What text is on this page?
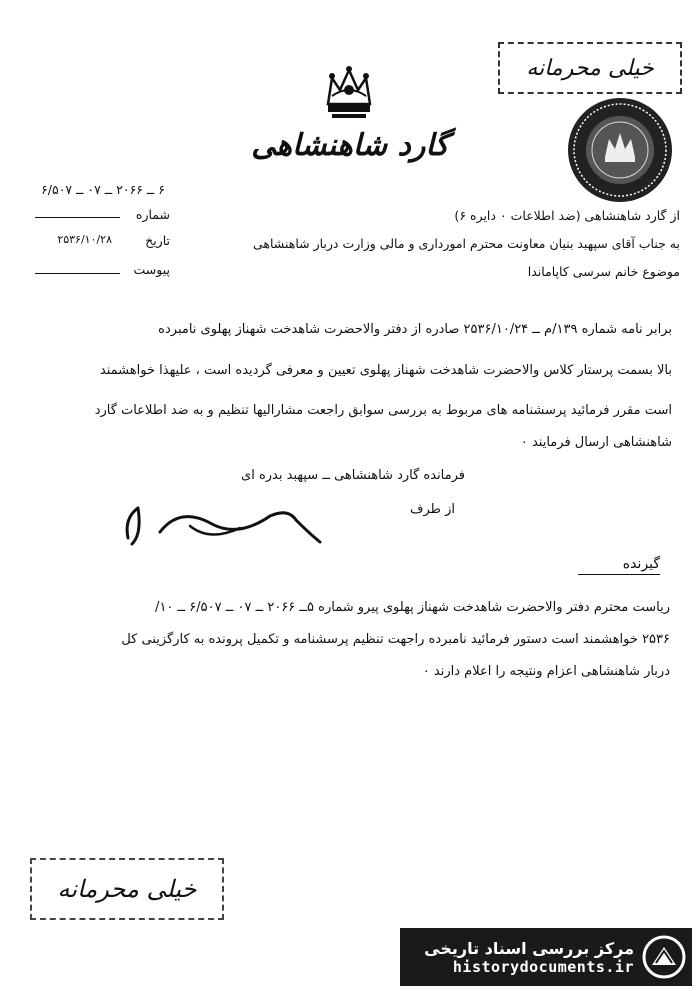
گارد شاهنشاهی
خیلی محرمانه
۶ ــ ۲۰۶۶ ــ ۰۷ ــ ۶/۵۰۷
شماره
تاریخ
۲۵۳۶/۱۰/۲۸
پیوست
از گارد شاهنشاهی (ضد اطلاعات ۰ دایره ۶)
به جناب آقای سپهبد بنیان معاونت محترم امورداری و مالی وزارت دربار شاهنشاهی
موضوع خانم سرسی کاپاماندا
برابر نامه شماره ۱۳۹/م ــ ۲۵۳۶/۱۰/۲۴ صادره از دفتر والاحضرت شاهدخت شهناز پهلوی نامبرده
بالا بسمت پرستار کلاس والاحضرت شاهدخت شهناز پهلوی تعیین و معرفی گردیده است ، علیهذا خواهشمند
است مقرر فرمائید پرسشنامه های مربوط به بررسی سوابق راجعت مشارالیها تنظیم و به ضد اطلاعات گارد
شاهنشاهی ارسال فرمایند ۰
فرمانده گارد شاهنشاهی ــ سپهبد بدره ای
از طرف
گیرنده
ریاست محترم دفتر والاحضرت شاهدخت شهناز پهلوی پیرو شماره ۵ــ ۲۰۶۶ ــ ۰۷ ــ ۶/۵۰۷ ــ ۱۰/
۲۵۳۶ خواهشمند است دستور فرمائید نامبرده راجهت تنظیم پرسشنامه و تکمیل پرونده به کارگزینی کل
دربار شاهنشاهی اعزام ونتیجه را اعلام دارند ۰
خیلی محرمانه
مرکز بررسی اسناد تاریخی
historydocuments.ir
